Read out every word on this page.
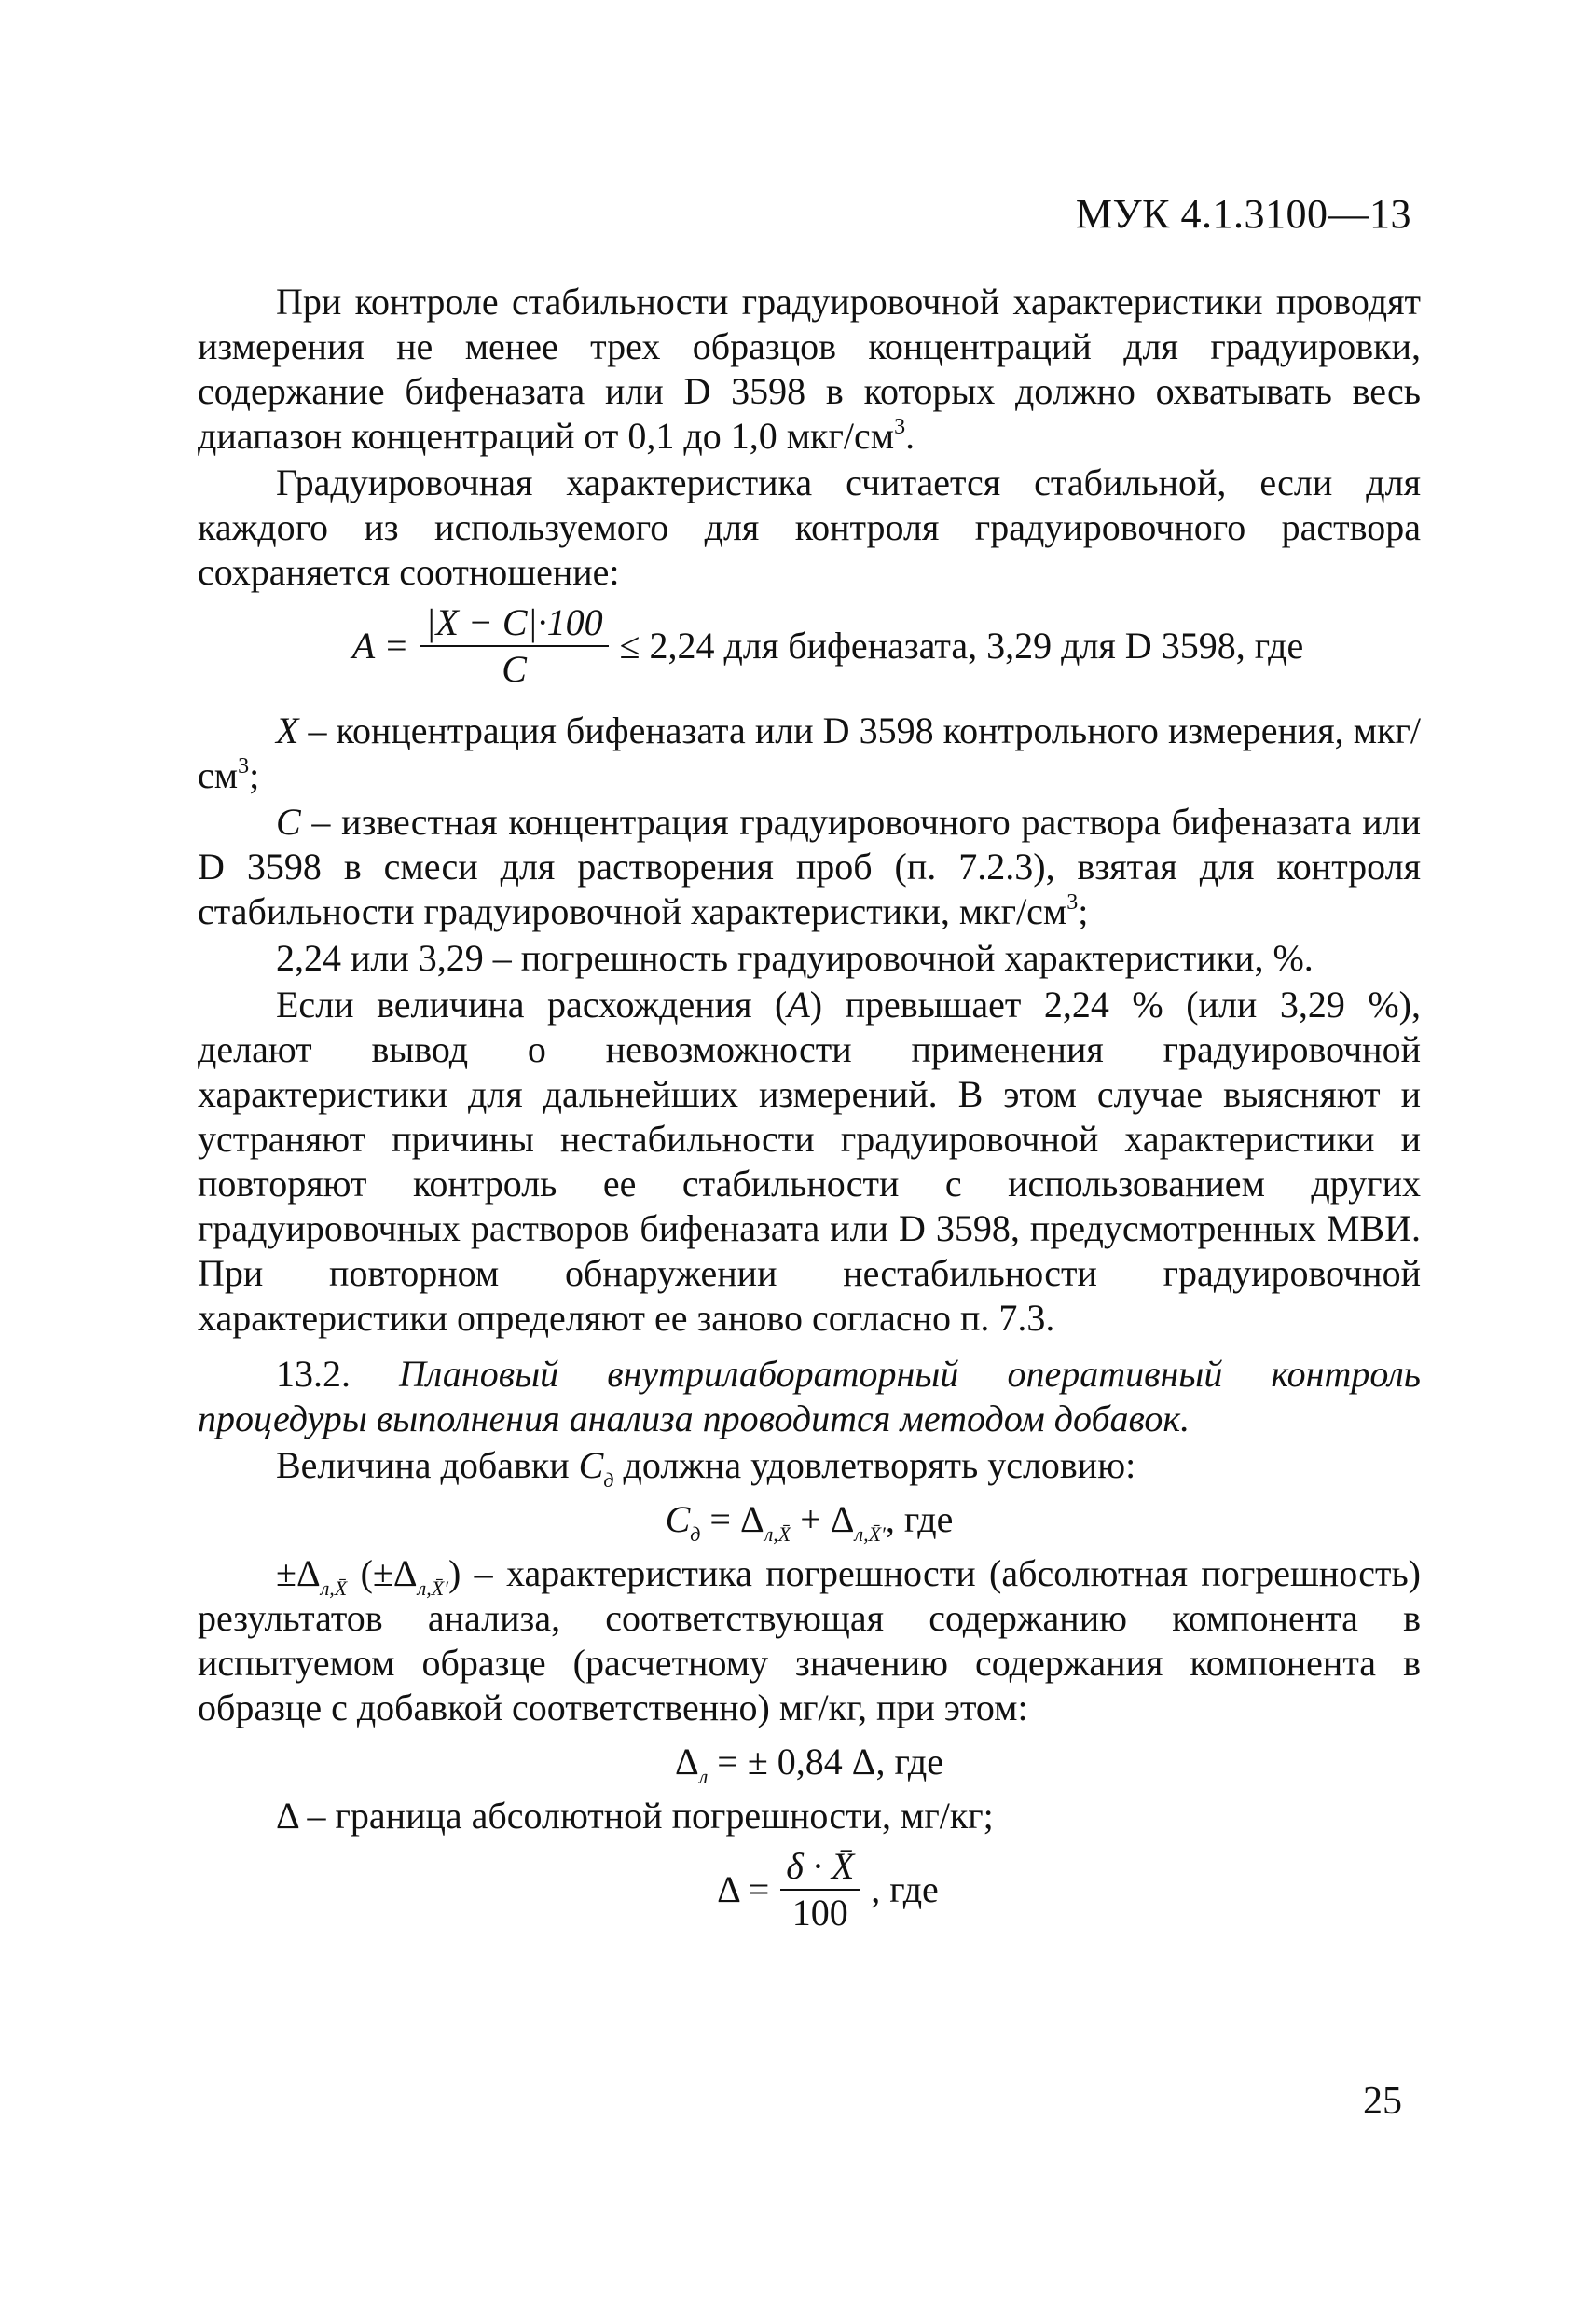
МУК 4.1.3100—13

При контроле стабильности градуировочной характеристики проводят измерения не менее трех образцов концентраций для градуировки, содержание бифеназата или D 3598 в которых должно охватывать весь диапазон концентраций от 0,1 до 1,0 мкг/$см^3$.

Градуировочная характеристика считается стабильной, если для каждого из используемого для контроля градуировочного раствора сохраняется соотношение:

$A = \frac{|X - C|\cdot 100}{C} \le 2,24$ для бифеназата, 3,29 для D 3598, где

X – концентрация бифеназата или D 3598 контрольного измерения, мкг/$см^3$;

C – известная концентрация градуировочного раствора бифеназата или D 3598 в смеси для растворения проб (п. 7.2.3), взятая для контроля стабильности градуировочной характеристики, мкг/$см^3$;

2,24 или 3,29 – погрешность градуировочной характеристики, %.

Если величина расхождения (A) превышает 2,24 % (или 3,29 %), делают вывод о невозможности применения градуировочной характеристики для дальнейших измерений. В этом случае выясняют и устраняют причины нестабильности градуировочной характеристики и повторяют контроль ее стабильности с использованием других градуировочных растворов бифеназата или D 3598, предусмотренных МВИ. При повторном обнаружении нестабильности градуировочной характеристики определяют ее заново согласно п. 7.3.

13.2. Плановый внутрилабораторный оперативный контроль процедуры выполнения анализа проводится методом добавок.

Величина добавки $C_д$ должна удовлетворять условию:

$C_д = \Delta_{л,X̄} + \Delta_{л,X̄'}$, где

$\pm\Delta_{л,X̄}$ $(\pm\Delta_{л,X̄'})$ – характеристика погрешности (абсолютная погрешность) результатов анализа, соответствующая содержанию компонента в испытуемом образце (расчетному значению содержания компонента в образце с добавкой соответственно) мг/кг, при этом:

$\Delta_л$ = ± 0,84 Δ, где

Δ – граница абсолютной погрешности, мг/кг;

$\Delta = \frac{\delta \cdot X̄}{100}$ , где
25
